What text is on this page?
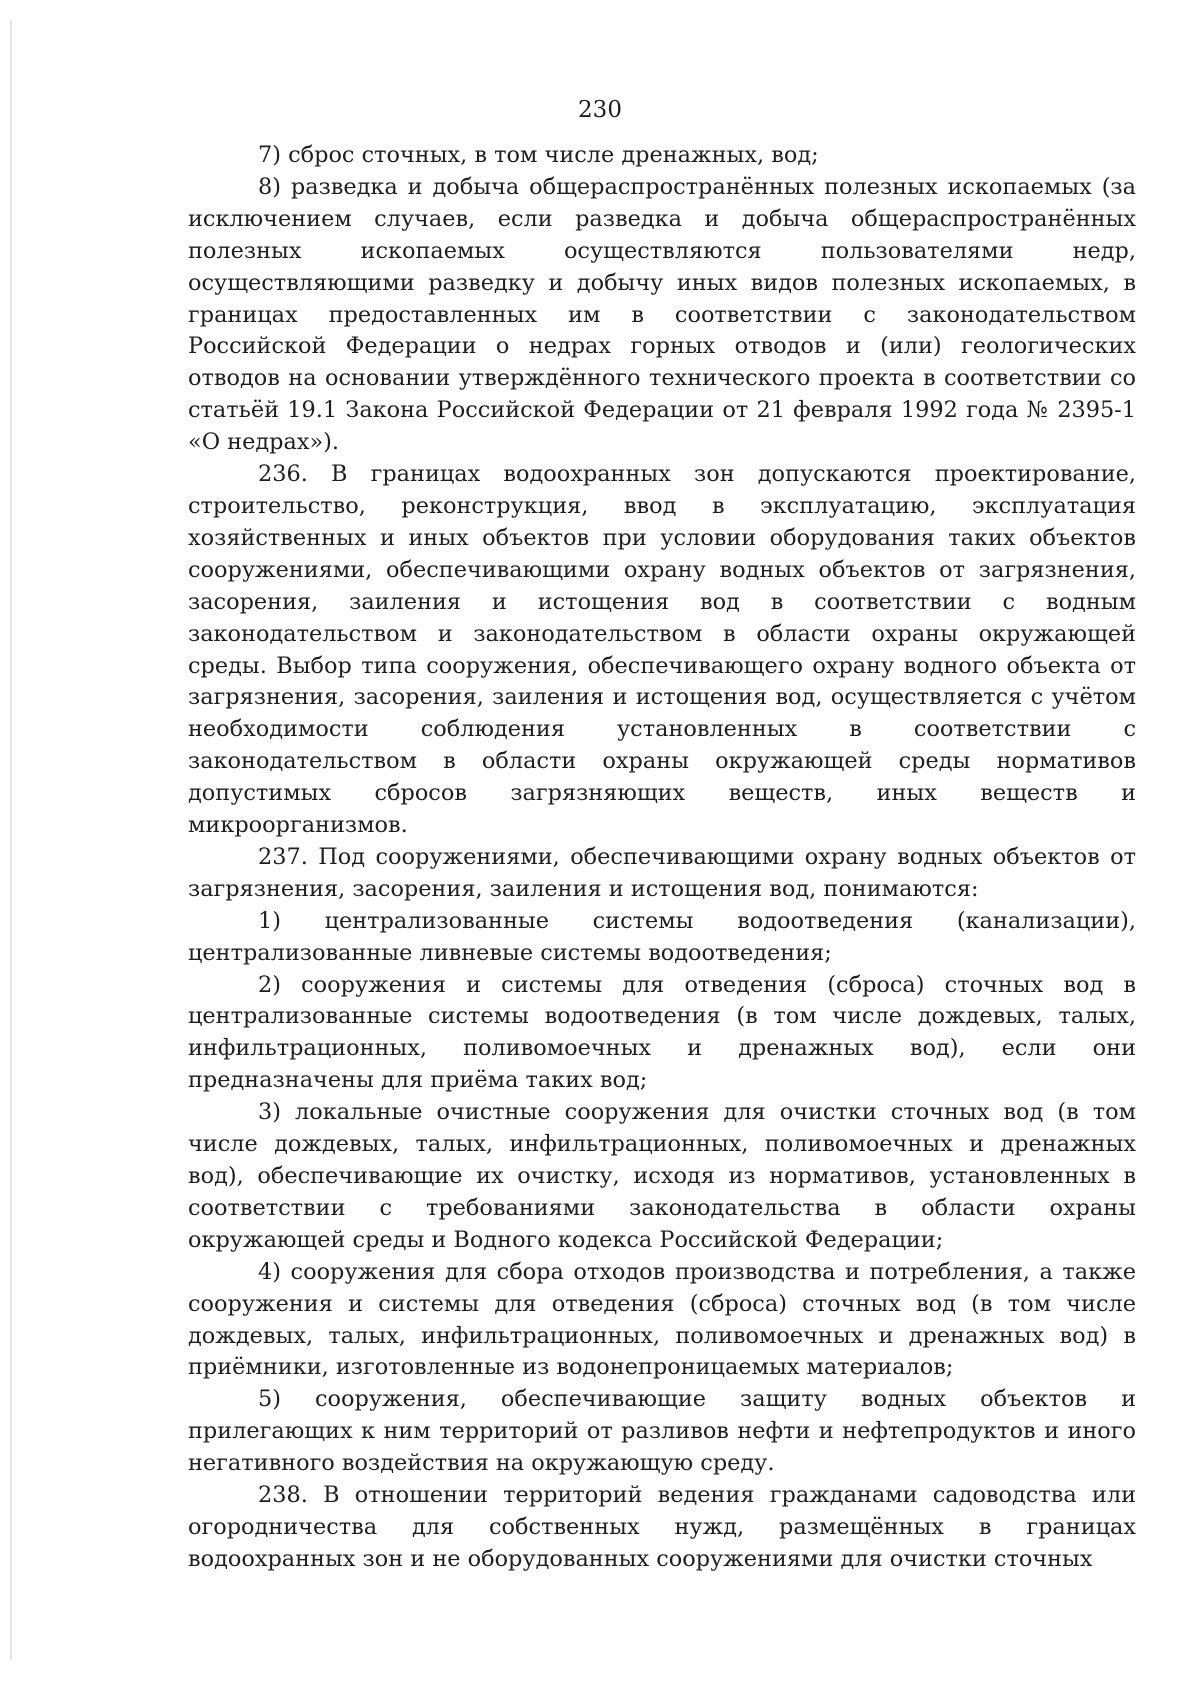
230

7) сброс сточных, в том числе дренажных, вод;

8) разведка и добыча общераспространённых полезных ископаемых (за исключением случаев, если разведка и добыча общераспространённых полезных ископаемых осуществляются пользователями недр, осуществляющими разведку и добычу иных видов полезных ископаемых, в границах предоставленных им в соответствии с законодательством Российской Федерации о недрах горных отводов и (или) геологических отводов на основании утверждённого технического проекта в соответствии со статьёй 19.1 Закона Российской Федерации от 21 февраля 1992 года № 2395-1 «О недрах»).

236. В границах водоохранных зон допускаются проектирование, строительство, реконструкция, ввод в эксплуатацию, эксплуатация хозяйственных и иных объектов при условии оборудования таких объектов сооружениями, обеспечивающими охрану водных объектов от загрязнения, засорения, заиления и истощения вод в соответствии с водным законодательством и законодательством в области охраны окружающей среды. Выбор типа сооружения, обеспечивающего охрану водного объекта от загрязнения, засорения, заиления и истощения вод, осуществляется с учётом необходимости соблюдения установленных в соответствии с законодательством в области охраны окружающей среды нормативов допустимых сбросов загрязняющих веществ, иных веществ и микроорганизмов.

237. Под сооружениями, обеспечивающими охрану водных объектов от загрязнения, засорения, заиления и истощения вод, понимаются:

1) централизованные системы водоотведения (канализации), централизованные ливневые системы водоотведения;

2) сооружения и системы для отведения (сброса) сточных вод в централизованные системы водоотведения (в том числе дождевых, талых, инфильтрационных, поливомоечных и дренажных вод), если они предназначены для приёма таких вод;

3) локальные очистные сооружения для очистки сточных вод (в том числе дождевых, талых, инфильтрационных, поливомоечных и дренажных вод), обеспечивающие их очистку, исходя из нормативов, установленных в соответствии с требованиями законодательства в области охраны окружающей среды и Водного кодекса Российской Федерации;

4) сооружения для сбора отходов производства и потребления, а также сооружения и системы для отведения (сброса) сточных вод (в том числе дождевых, талых, инфильтрационных, поливомоечных и дренажных вод) в приёмники, изготовленные из водонепроницаемых материалов;

5) сооружения, обеспечивающие защиту водных объектов и прилегающих к ним территорий от разливов нефти и нефтепродуктов и иного негативного воздействия на окружающую среду.

238. В отношении территорий ведения гражданами садоводства или огородничества для собственных нужд, размещённых в границах водоохранных зон и не оборудованных сооружениями для очистки сточных
